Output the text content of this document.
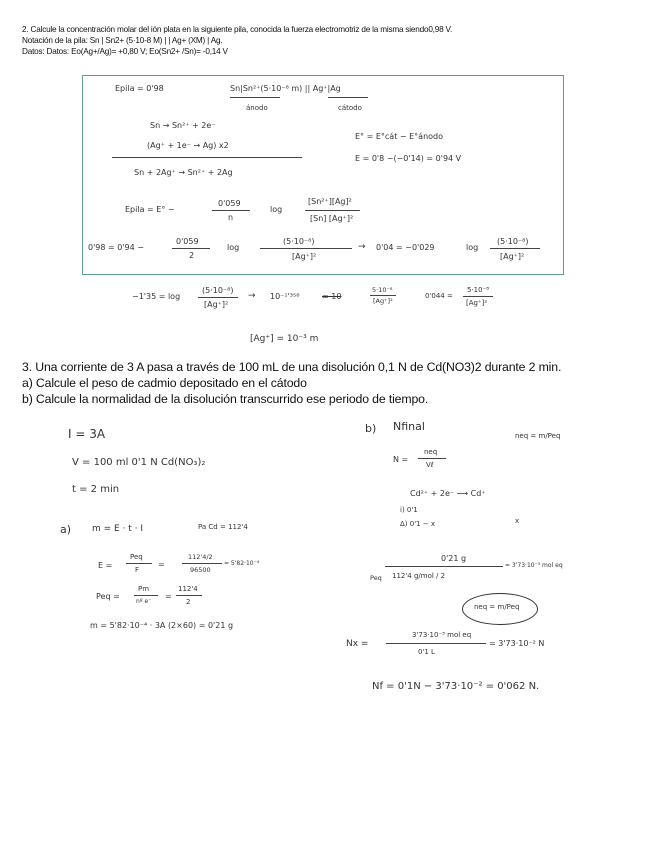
2. Calcule la concentración molar del ión plata en la siguiente pila, conocida la fuerza electromotriz de la misma siendo0,98 V.
Notación de la pila: Sn | Sn2+ (5·10-8 M) | | Ag+ (XM) | Ag.
Datos: Datos: Eo(Ag+/Ag)= +0,80 V; Eo(Sn2+ /Sn)= -0,14 V
Epila = 0'98	Sn|Sn²⁺(5·10⁻⁸ m) || Ag⁺|Ag
ánodo	cátodo
Sn → Sn²⁺ + 2e⁻
(Ag⁺ + 1e⁻ → Ag) x2
Sn + 2Ag⁺ → Sn²⁺ + 2Ag
E° = E°cát − E°ánodo
E = 0'8 −(−0'14) = 0'94 V
Epila = E° −
0'059
n
log
[Sn²⁺][Ag]²
[Sn] [Ag⁺]²
0'98 = 0'94 −
0'059
2
log
(5·10⁻⁸)
[Ag⁺]²
→ 0'04 = −0'029	log
(5·10⁻⁸)
[Ag⁺]²
−1'35 = log
(5·10⁻⁸)
[Ag⁺]²
→ 10⁻¹'³⁵⁶	= 10
5·10⁻⁸
[Ag⁺]²
0'044 =
5·10⁻⁸
[Ag⁺]²
[Ag⁺] = 10⁻³ m
3. Una corriente de 3 A pasa a través de 100 mL de una disolución 0,1 N de Cd(NO3)2 durante 2 min.
a) Calcule el peso de cadmio depositado en el cátodo
b) Calcule la normalidad de la disolución transcurrido ese periodo de tiempo.
I = 3A
V = 100 ml 0'1 N Cd(NO₃)₂
t = 2 min
a) m = E · t · I	Pa Cd = 112'4
E =
Peq
F
=
112'4/2
96500
= 5'82·10⁻⁴
Peq =
Pm
nº e⁻
=
112'4
2
m = 5'82·10⁻⁴ · 3A (2×60) = 0'21 g
b) Nfinal
neq = m/Peq
N =
neq
Vℓ
Cd²⁺ + 2e⁻ ⟶ Cd⁺
i) 0'1
Δ) 0'1 − x	x
0'21 g
Peq 112'4 g/mol / 2
= 3'73·10⁻³ mol eq
neq = m/Peq
Nx =
3'73·10⁻³ mol eq
0'1 L
= 3'73·10⁻² N
Nf = 0'1N − 3'73·10⁻² = 0'062 N.
